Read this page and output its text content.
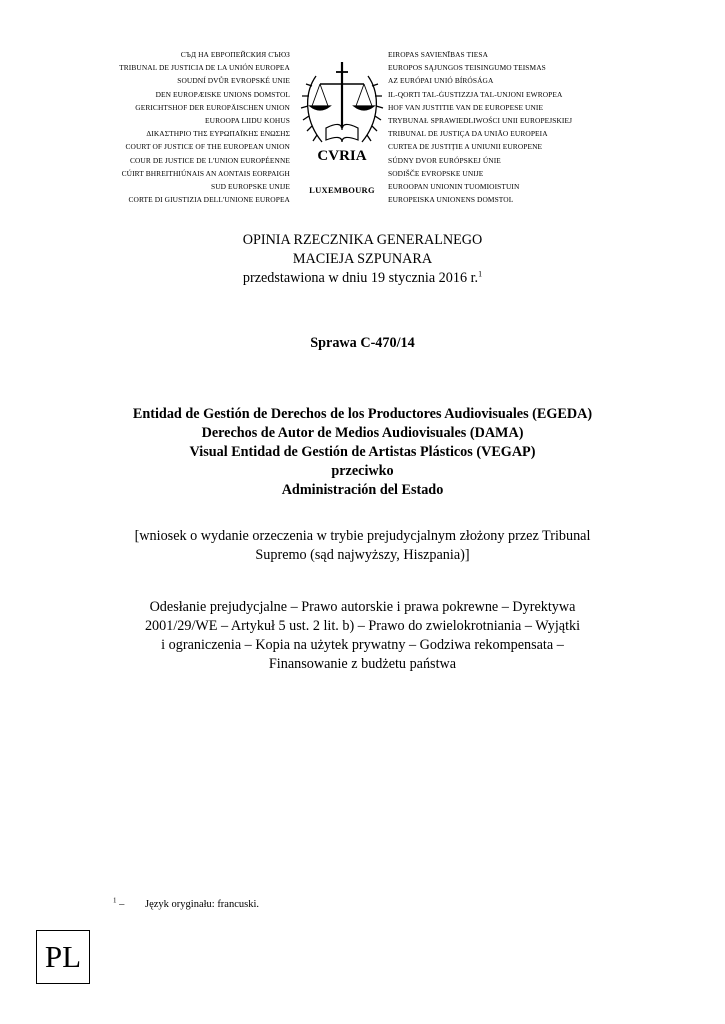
СЪД НА ЕВРОПЕЙСКИЯ СЪЮЗ
TRIBUNAL DE JUSTICIA DE LA UNIÓN EUROPEA
SOUDNÍ DVŮR EVROPSKÉ UNIE
DEN EUROPÆISKE UNIONS DOMSTOL
GERICHTSHOF DER EUROPÄISCHEN UNION
EUROOPA LIIDU KOHUS
ΔΙΚΑΣΤΗΡΙΟ ΤΗΣ ΕΥΡΩΠΑΪΚΗΣ ΕΝΩΣΗΣ
COURT OF JUSTICE OF THE EUROPEAN UNION
COUR DE JUSTICE DE L'UNION EUROPÉENNE
CÚIRT BHREITHIÚNAIS AN AONTAIS EORPAIGH
SUD EUROPSKE UNIJE
CORTE DI GIUSTIZIA DELL'UNIONE EUROPEA
CVRIA
LUXEMBOURG
EIROPAS SAVIENĪBAS TIESA
EUROPOS SĄJUNGOS TEISINGUMO TEISMAS
AZ EURÓPAI UNIÓ BÍRÓSÁGA
IL-QORTI TAL-ĠUSTIZZJA TAL-UNJONI EWROPEA
HOF VAN JUSTITIE VAN DE EUROPESE UNIE
TRYBUNAŁ SPRAWIEDLIWOŚCI UNII EUROPEJSKIEJ
TRIBUNAL DE JUSTIÇA DA UNIÃO EUROPEIA
CURTEA DE JUSTIȚIE A UNIUNII EUROPENE
SÚDNY DVOR EURÓPSKEJ ÚNIE
SODIŠČE EVROPSKE UNIJE
EUROOPAN UNIONIN TUOMIOISTUIN
EUROPEISKA UNIONENS DOMSTOL
OPINIA RZECZNIKA GENERALNEGO
MACIEJA SZPUNARA
przedstawiona w dniu 19 stycznia 2016 r.$^1$
Sprawa C-470/14
Entidad de Gestión de Derechos de los Productores Audiovisuales (EGEDA)
Derechos de Autor de Medios Audiovisuales (DAMA)
Visual Entidad de Gestión de Artistas Plásticos (VEGAP)
przeciwko
Administración del Estado
[wniosek o wydanie orzeczenia w trybie prejudycjalnym złożony przez Tribunal
Supremo (sąd najwyższy, Hiszpania)]
Odesłanie prejudycjalne – Prawo autorskie i prawa pokrewne – Dyrektywa
2001/29/WE – Artykuł 5 ust. 2 lit. b) – Prawo do zwielokrotniania – Wyjątki
i ograniczenia – Kopia na użytek prywatny – Godziwa rekompensata –
Finansowanie z budżetu państwa
$^1$ – Język oryginału: francuski.
PL
